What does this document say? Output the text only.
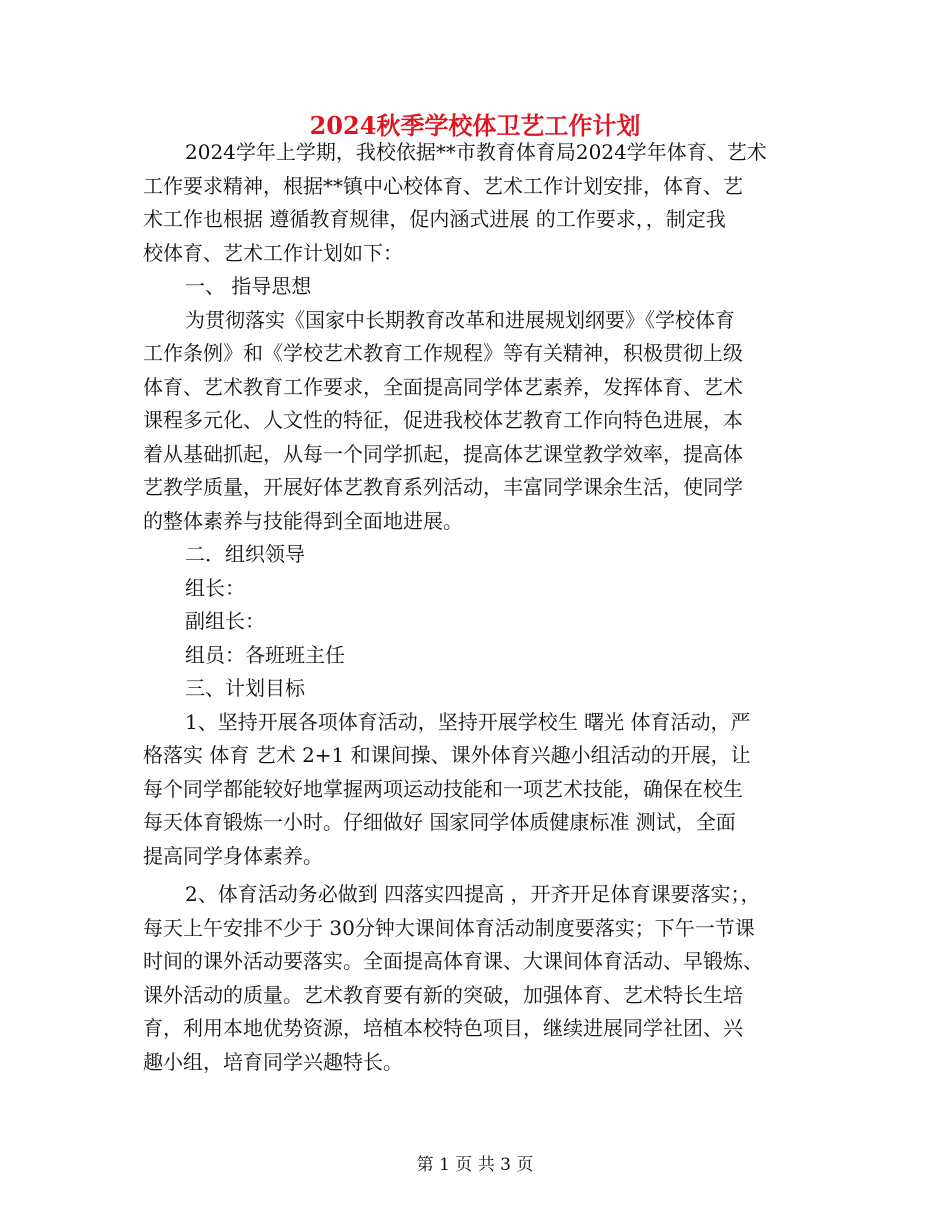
2024秋季学校体卫艺工作计划

2024学年上学期，我校依据**市教育体育局2024学年体育、艺术
工作要求精神，根据**镇中心校体育、艺术工作计划安排，体育、艺
术工作也根据 遵循教育规律，促内涵式进展 的工作要求，，制定我
校体育、艺术工作计划如下：

一、 指导思想

为贯彻落实《国家中长期教育改革和进展规划纲要》《学校体育
工作条例》和《学校艺术教育工作规程》等有关精神，积极贯彻上级
体育、艺术教育工作要求，全面提高同学体艺素养，发挥体育、艺术
课程多元化、人文性的特征，促进我校体艺教育工作向特色进展，本
着从基础抓起，从每一个同学抓起，提高体艺课堂教学效率，提高体
艺教学质量，开展好体艺教育系列活动，丰富同学课余生活，使同学
的整体素养与技能得到全面地进展。

二．组织领导

组长：

副组长：

组员：各班班主任

三、计划目标

1、坚持开展各项体育活动，坚持开展学校生 曙光 体育活动，严
格落实 体育 艺术 2+1 和课间操、课外体育兴趣小组活动的开展，让
每个同学都能较好地掌握两项运动技能和一项艺术技能，确保在校生
每天体育锻炼一小时。仔细做好 国家同学体质健康标准 测试，全面
提高同学身体素养。

2、体育活动务必做到 四落实四提高 ，开齐开足体育课要落实；，
每天上午安排不少于 30分钟大课间体育活动制度要落实；下午一节课
时间的课外活动要落实。全面提高体育课、大课间体育活动、早锻炼、
课外活动的质量。艺术教育要有新的突破，加强体育、艺术特长生培
育，利用本地优势资源，培植本校特色项目，继续进展同学社团、兴
趣小组，培育同学兴趣特长。

第 1 页 共 3 页
